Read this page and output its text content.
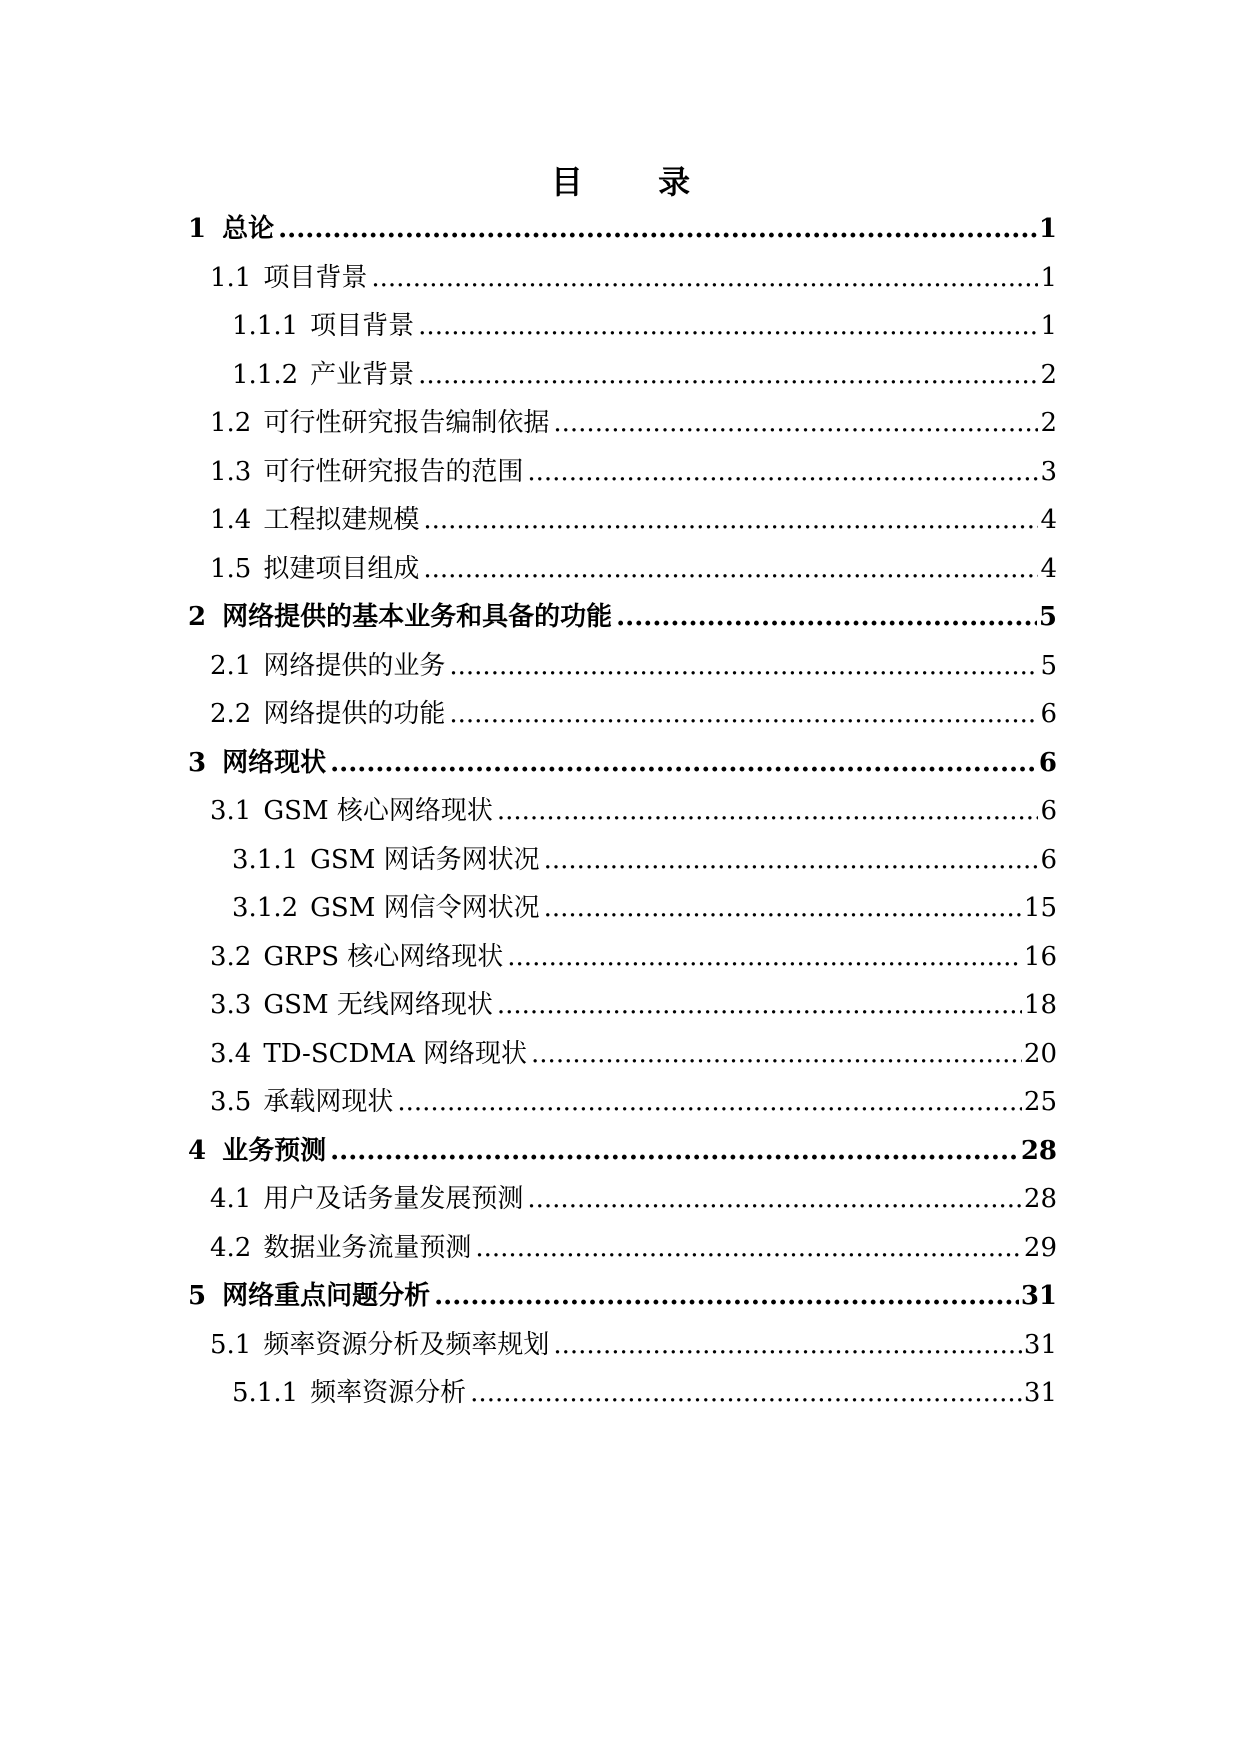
目 录
1 总论 .....	1
1.1 项目背景 .....	1
1.1.1 项目背景 .....	1
1.1.2 产业背景 .....	2
1.2 可行性研究报告编制依据 .....	2
1.3 可行性研究报告的范围 .....	3
1.4 工程拟建规模 .....	4
1.5 拟建项目组成 .....	4
2 网络提供的基本业务和具备的功能 .....	5
2.1 网络提供的业务 .....	5
2.2 网络提供的功能 .....	6
3 网络现状 .....	6
3.1 GSM 核心网络现状 .....	6
3.1.1 GSM 网话务网状况 .....	6
3.1.2 GSM 网信令网状况 .....	15
3.2 GRPS 核心网络现状 .....	16
3.3 GSM 无线网络现状 .....	18
3.4 TD-SCDMA 网络现状 .....	20
3.5 承载网现状 .....	25
4 业务预测 .....	28
4.1 用户及话务量发展预测 .....	28
4.2 数据业务流量预测 .....	29
5 网络重点问题分析 .....	31
5.1 频率资源分析及频率规划 .....	31
5.1.1 频率资源分析 .....	31
